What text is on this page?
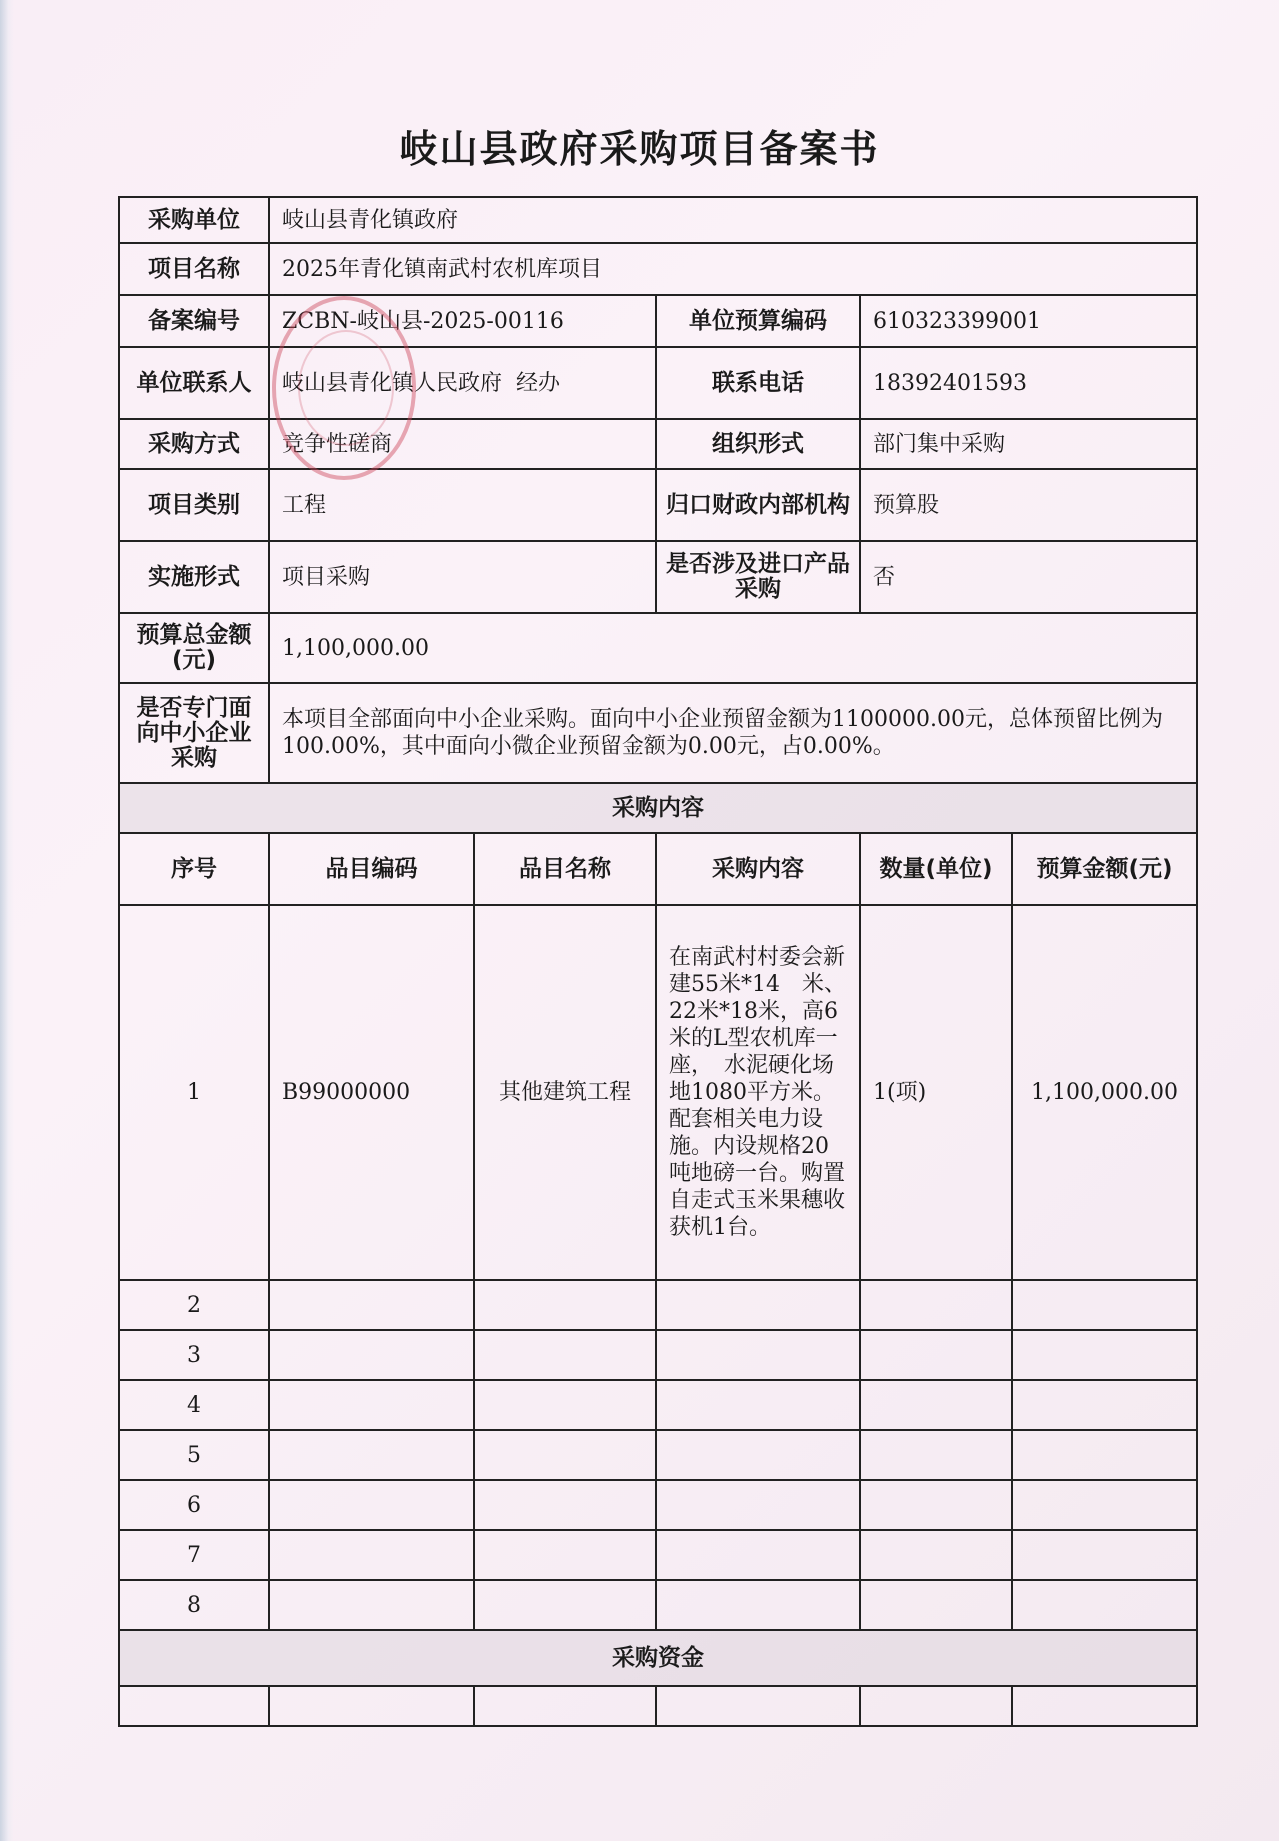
岐山县政府采购项目备案书
采购单位	岐山县青化镇政府				
项目名称	2025年青化镇南武村农机库项目				
备案编号	ZCBN-岐山县-2025-00116		单位预算编码	610323399001	
单位联系人	岐山县青化镇人民政府  经办		联系电话	18392401593	
采购方式	竞争性磋商		组织形式	部门集中采购	
项目类别	工程		归口财政内部机构	预算股	
实施形式	项目采购		是否涉及进口产品采购	否	
预算总金额(元)	1,100,000.00				
是否专门面向中小企业采购	本项目全部面向中小企业采购。面向中小企业预留金额为1100000.00元，总体预留比例为100.00%，其中面向小微企业预留金额为0.00元，占0.00%。				
采购内容					
序号	品目编码	品目名称	采购内容	数量(单位)	预算金额(元)
1	B99000000	其他建筑工程	在南武村村委会新建55米*14　米、22米*18米，高6米的L型农机库一座，　水泥硬化场地1080平方米。配套相关电力设施。内设规格20吨地磅一台。购置自走式玉米果穗收获机1台。	1(项)	1,100,000.00
2					
3					
4					
5					
6					
7					
8					
采购资金					
